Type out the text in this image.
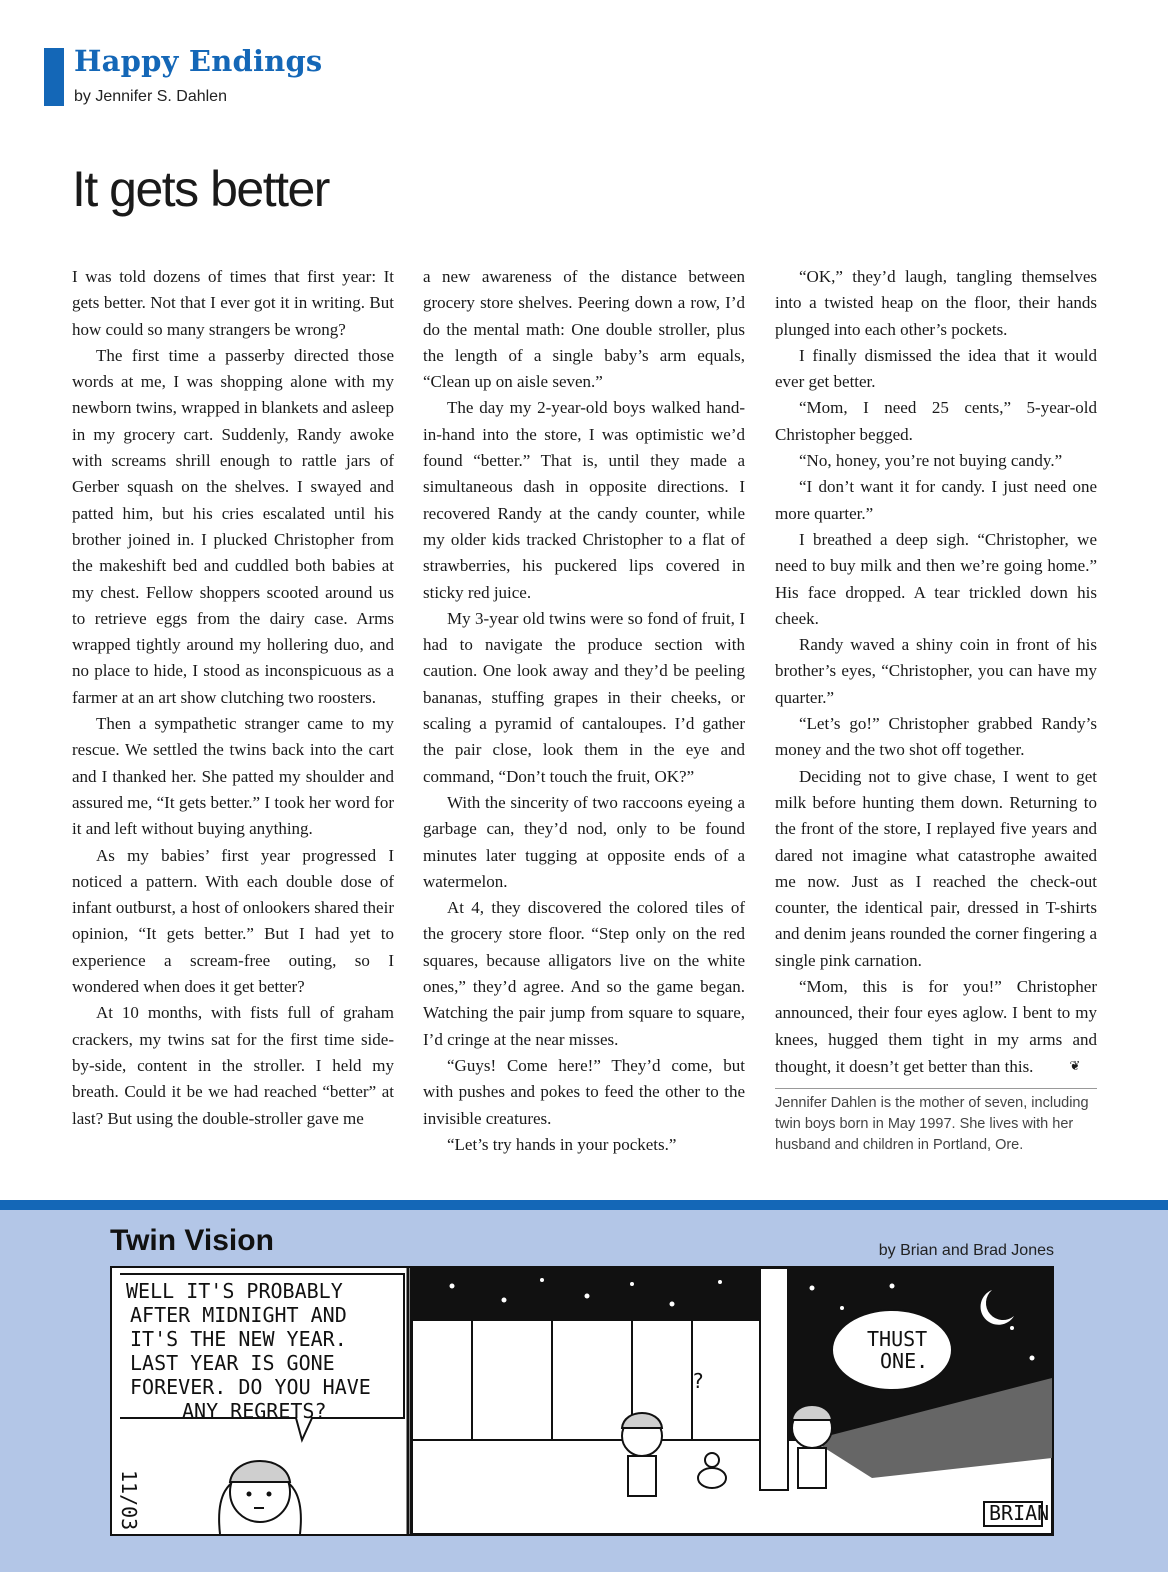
Happy Endings
by Jennifer S. Dahlen
It gets better

I was told dozens of times that first year: It gets better. Not that I ever got it in writing. But how could so many strangers be wrong?

The first time a passerby directed those words at me, I was shopping alone with my newborn twins, wrapped in blankets and asleep in my grocery cart. Suddenly, Randy awoke with screams shrill enough to rattle jars of Gerber squash on the shelves. I swayed and patted him, but his cries escalated until his brother joined in. I plucked Christopher from the makeshift bed and cuddled both babies at my chest. Fellow shoppers scooted around us to retrieve eggs from the dairy case. Arms wrapped tightly around my hollering duo, and no place to hide, I stood as inconspicuous as a farmer at an art show clutching two roosters.

Then a sympathetic stranger came to my rescue. We settled the twins back into the cart and I thanked her. She patted my shoulder and assured me, “It gets better.” I took her word for it and left without buying anything.

As my babies’ first year progressed I noticed a pattern. With each double dose of infant outburst, a host of onlookers shared their opinion, “It gets better.” But I had yet to experience a scream-free outing, so I wondered when does it get better?

At 10 months, with fists full of graham crackers, my twins sat for the first time side-by-side, content in the stroller. I held my breath. Could it be we had reached “better” at last? But using the double-stroller gave me

a new awareness of the distance between grocery store shelves. Peering down a row, I’d do the mental math: One double stroller, plus the length of a single baby’s arm equals, “Clean up on aisle seven.”

The day my 2-year-old boys walked hand-in-hand into the store, I was optimistic we’d found “better.” That is, until they made a simultaneous dash in opposite directions. I recovered Randy at the candy counter, while my older kids tracked Christopher to a flat of strawberries, his puckered lips covered in sticky red juice.

My 3-year old twins were so fond of fruit, I had to navigate the produce section with caution. One look away and they’d be peeling bananas, stuffing grapes in their cheeks, or scaling a pyramid of cantaloupes. I’d gather the pair close, look them in the eye and command, “Don’t touch the fruit, OK?”

With the sincerity of two raccoons eyeing a garbage can, they’d nod, only to be found minutes later tugging at opposite ends of a watermelon.

At 4, they discovered the colored tiles of the grocery store floor. “Step only on the red squares, because alligators live on the white ones,” they’d agree. And so the game began. Watching the pair jump from square to square, I’d cringe at the near misses.

“Guys! Come here!” They’d come, but with pushes and pokes to feed the other to the invisible creatures.

“Let’s try hands in your pockets.”

“OK,” they’d laugh, tangling themselves into a twisted heap on the floor, their hands plunged into each other’s pockets.

I finally dismissed the idea that it would ever get better.

“Mom, I need 25 cents,” 5-year-old Christopher begged.

“No, honey, you’re not buying candy.”

“I don’t want it for candy. I just need one more quarter.”

I breathed a deep sigh. “Christopher, we need to buy milk and then we’re going home.” His face dropped. A tear trickled down his cheek.

Randy waved a shiny coin in front of his brother’s eyes, “Christopher, you can have my quarter.”

“Let’s go!” Christopher grabbed Randy’s money and the two shot off together.

Deciding not to give chase, I went to get milk before hunting them down. Returning to the front of the store, I replayed five years and dared not imagine what catastrophe awaited me now. Just as I reached the check-out counter, the identical pair, dressed in T-shirts and denim jeans rounded the corner fingering a single pink carnation.

“Mom, this is for you!” Christopher announced, their four eyes aglow. I bent to my knees, hugged them tight in my arms and thought, it doesn’t get better than this.	❦

Jennifer Dahlen is the mother of seven, including twin boys born in May 1997. She lives with her husband and children in Portland, Ore.
Twin Vision	by Brian and Brad Jones
WELL IT'S PROBABLY
AFTER MIDNIGHT AND
IT'S THE NEW YEAR.
LAST YEAR IS GONE
FOREVER. DO YOU HAVE
ANY REGRETS?
11/03
THUST
ONE.
?
BRIAN
